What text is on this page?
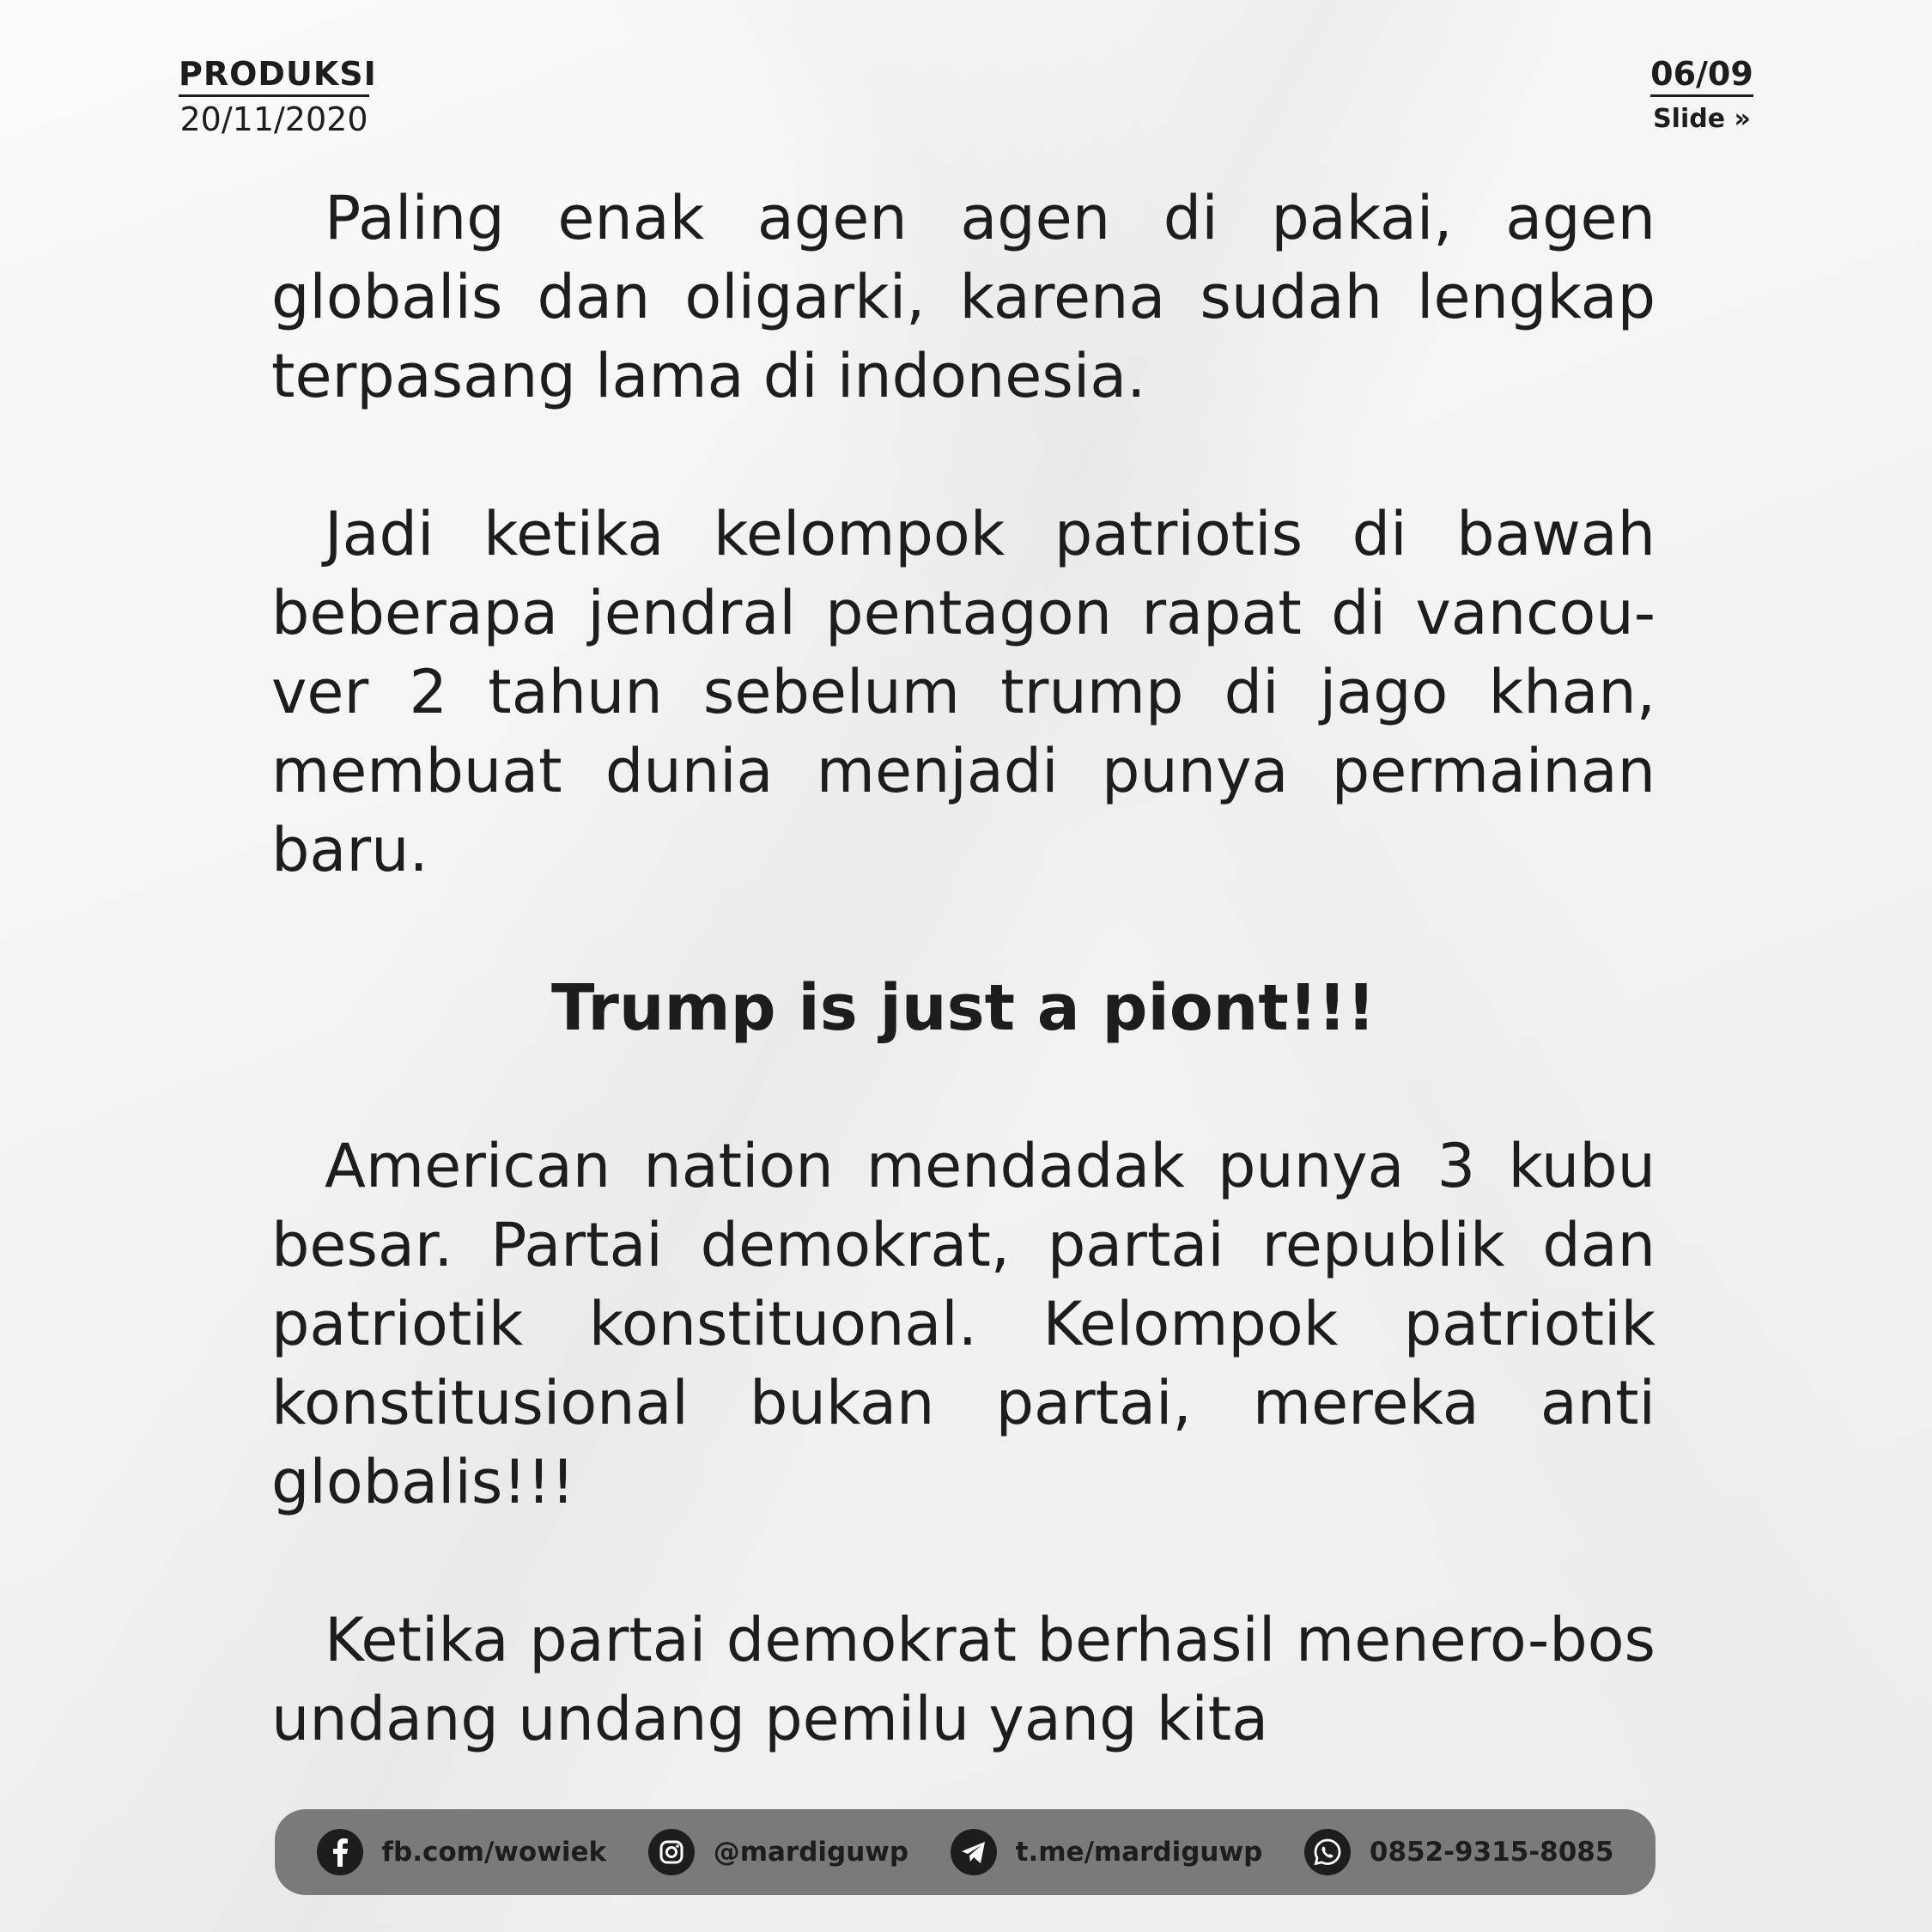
PRODUKSI
20/11/2020
06/09
Slide »

Paling enak agen agen di pakai, agen globalis dan oligarki, karena sudah lengkap terpasang lama di indonesia.

Jadi ketika kelompok patriotis di bawah beberapa jendral pentagon rapat di vancou-ver 2 tahun sebelum trump di jago khan, membuat dunia menjadi punya permainan baru.

Trump is just a piont!!!

American nation mendadak punya 3 kubu besar. Partai demokrat, partai republik dan patriotik konstituonal. Kelompok patriotik konstitusional bukan partai, mereka anti globalis!!!

Ketika partai demokrat berhasil menero-bos undang undang pemilu yang kita

fb.com/wowiek	@mardiguwp	t.me/mardiguwp	0852-9315-8085
